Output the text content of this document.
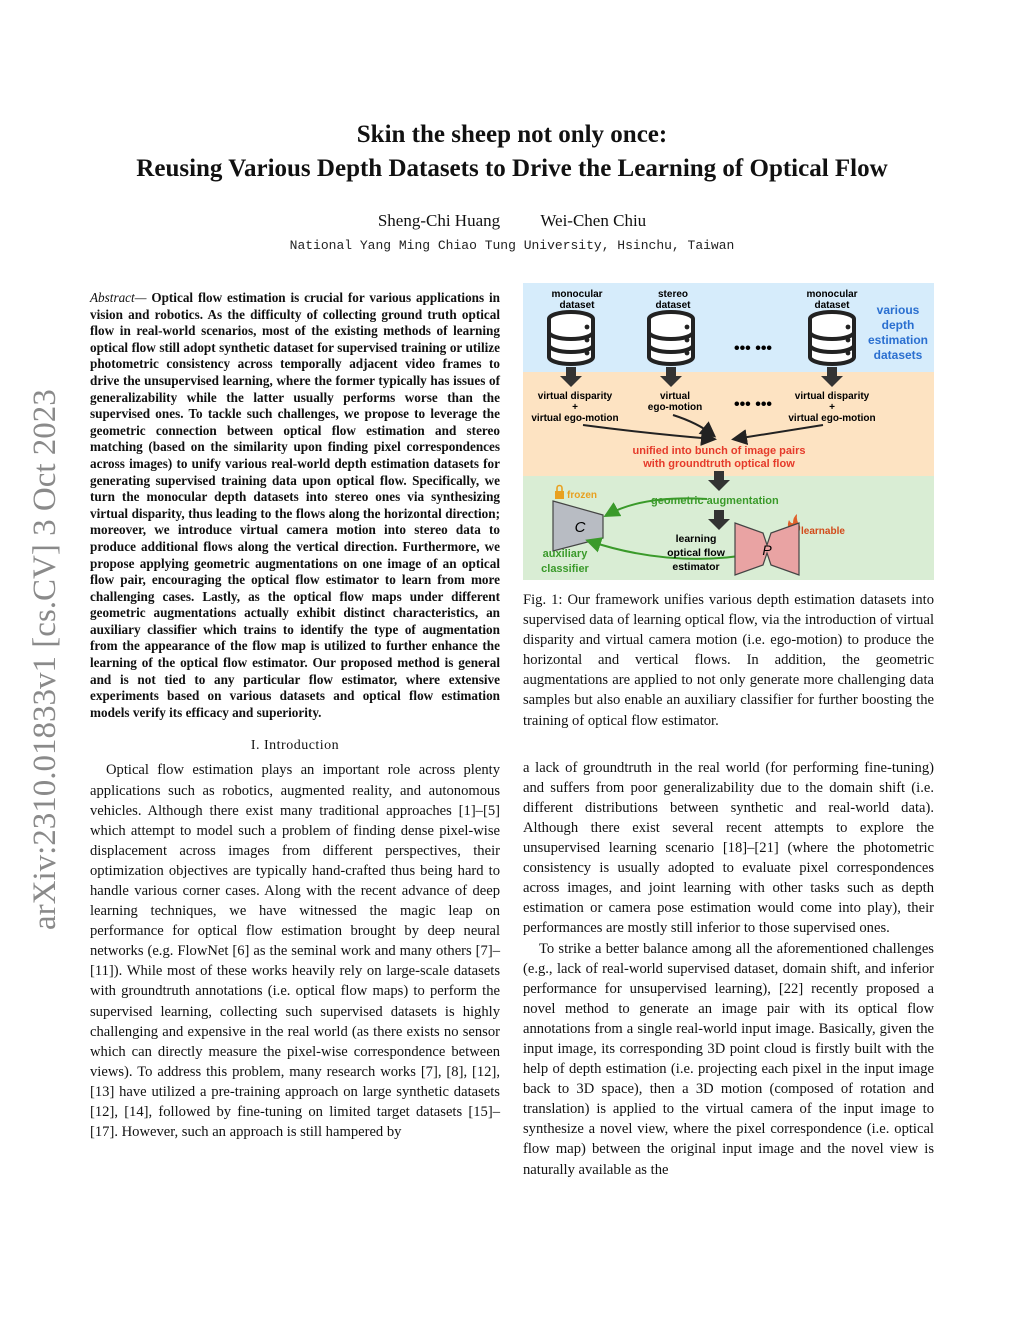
Skin the sheep not only once:

Reusing Various Depth Datasets to Drive the Learning of Optical Flow

Sheng-Chi Huang Wei-Chen Chiu
National Yang Ming Chiao Tung University, Hsinchu, Taiwan
arXiv:2310.01833v1 [cs.CV] 3 Oct 2023

Abstract— Optical flow estimation is crucial for various applications in vision and robotics. As the difficulty of collecting ground truth optical flow in real-world scenarios, most of the existing methods of learning optical flow still adopt synthetic dataset for supervised training or utilize photometric consistency across temporally adjacent video frames to drive the unsupervised learning, where the former typically has issues of generalizability while the latter usually performs worse than the supervised ones. To tackle such challenges, we propose to leverage the geometric connection between optical flow estimation and stereo matching (based on the similarity upon finding pixel correspondences across images) to unify various real-world depth estimation datasets for generating supervised training data upon optical flow. Specifically, we turn the monocular depth datasets into stereo ones via synthesizing virtual disparity, thus leading to the flows along the horizontal direction; moreover, we introduce virtual camera motion into stereo data to produce additional flows along the vertical direction. Furthermore, we propose applying geometric augmentations on one image of an optical flow pair, encouraging the optical flow estimator to learn from more challenging cases. Lastly, as the optical flow maps under different geometric augmentations actually exhibit distinct characteristics, an auxiliary classifier which trains to identify the type of augmentation from the appearance of the flow map is utilized to further enhance the learning of the optical flow estimator. Our proposed method is general and is not tied to any particular flow estimator, where extensive experiments based on various datasets and optical flow estimation models verify its efficacy and superiority.

I. Introduction

Optical flow estimation plays an important role across plenty applications such as robotics, augmented reality, and autonomous vehicles. Although there exist many traditional approaches [1]–[5] which attempt to model such a problem of finding dense pixel-wise displacement across images from different perspectives, their optimization objectives are typically hand-crafted thus being hard to handle various corner cases. Along with the recent advance of deep learning techniques, we have witnessed the magic leap on performance for optical flow estimation brought by deep neural networks (e.g. FlowNet [6] as the seminal work and many others [7]–[11]). While most of these works heavily rely on large-scale datasets with groundtruth annotations (i.e. optical flow maps) to perform the supervised learning, collecting such supervised datasets is highly challenging and expensive in the real world (as there exists no sensor which can directly measure the pixel-wise correspondence between views). To address this problem, many research works [7], [8], [12], [13] have utilized a pre-training approach on large synthetic datasets [12], [14], followed by fine-tuning on limited target datasets [15]–[17]. However, such an approach is still hampered by

monocular
dataset
stereo
dataset
monocular
dataset
••• •••
various
depth
estimation
datasets
virtual disparity
+
virtual ego-motion
virtual
ego-motion
virtual disparity
+
virtual ego-motion
••• •••
unified into bunch of image pairs
with groundtruth optical flow
frozen
C
geometric augmentation
auxiliary
classifier
learning
optical flow
estimator
learnable
P

Fig. 1: Our framework unifies various depth estimation datasets into supervised data of learning optical flow, via the introduction of virtual disparity and virtual camera motion (i.e. ego-motion) to produce the horizontal and vertical flows. In addition, the geometric augmentations are applied to not only generate more challenging data samples but also enable an auxiliary classifier for further boosting the training of optical flow estimator.

a lack of groundtruth in the real world (for performing fine-tuning) and suffers from poor generalizability due to the domain shift (i.e. different distributions between synthetic and real-world data). Although there exist several recent attempts to explore the unsupervised learning scenario [18]–[21] (where the photometric consistency is usually adopted to evaluate pixel correspondences across images, and joint learning with other tasks such as depth estimation or camera pose estimation would come into play), their performances are mostly still inferior to those supervised ones.

To strike a better balance among all the aforementioned challenges (e.g., lack of real-world supervised dataset, domain shift, and inferior performance for unsupervised learning), [22] recently proposed a novel method to generate an image pair with its optical flow annotations from a single real-world input image. Basically, given the input image, its corresponding 3D point cloud is firstly built with the help of depth estimation (i.e. projecting each pixel in the input image back to 3D space), then a 3D motion (composed of rotation and translation) is applied to the virtual camera of the input image to synthesize a novel view, where the pixel correspondence (i.e. optical flow map) between the original input image and the novel view is naturally available as the
